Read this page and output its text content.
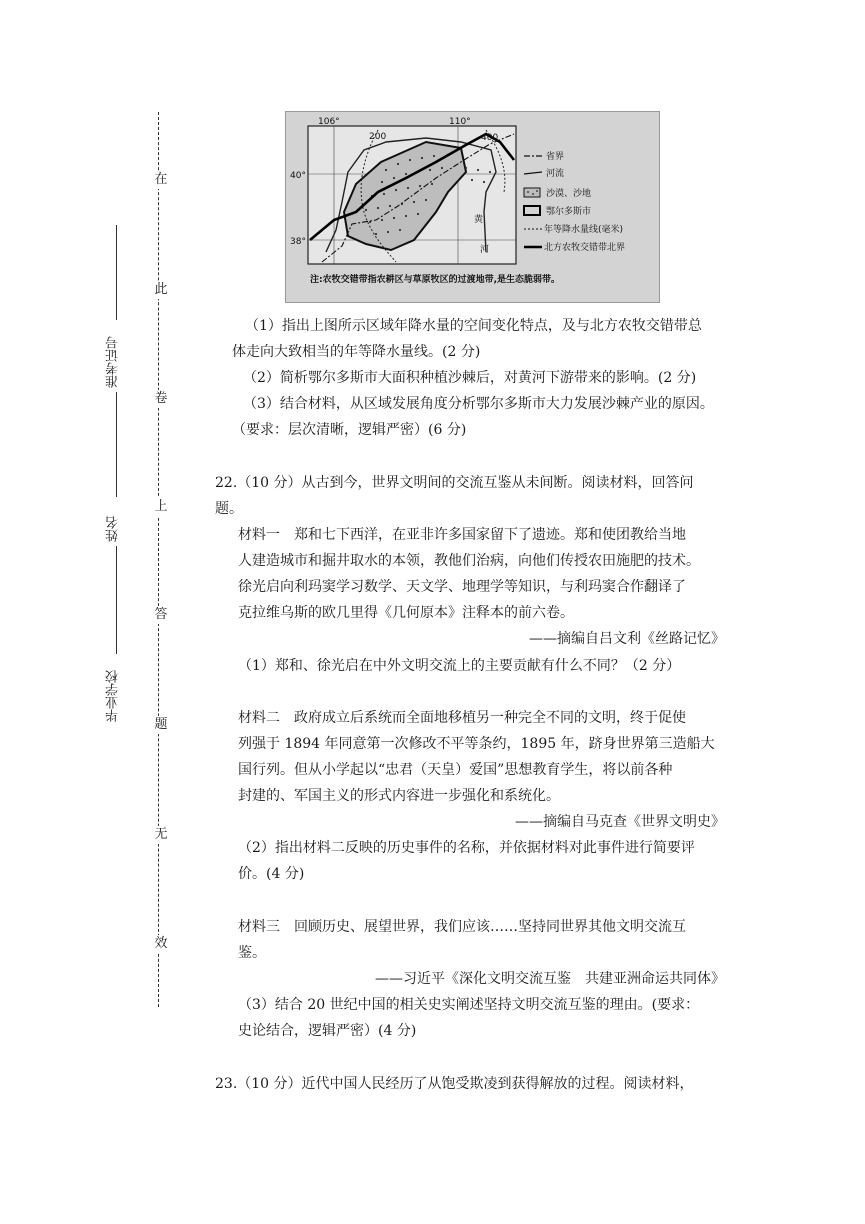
在
此
卷
上
答
题
无
效
准考证号
姓名
毕业学校
106°	110°
40°
38°
200	400
黄
河
省界
河流
沙漠、沙地
鄂尔多斯市
年等降水量线(毫米)
北方农牧交错带北界
注:农牧交错带指农耕区与草原牧区的过渡地带,是生态脆弱带。
（1）指出上图所示区域年降水量的空间变化特点，及与北方农牧交错带总
体走向大致相当的年等降水量线。(2 分)
（2）简析鄂尔多斯市大面积种植沙棘后，对黄河下游带来的影响。(2 分)
（3）结合材料，从区域发展角度分析鄂尔多斯市大力发展沙棘产业的原因。
（要求：层次清晰，逻辑严密）(6 分)
22.（10 分）从古到今，世界文明间的交流互鉴从未间断。阅读材料，回答问
题。
材料一　郑和七下西洋，在亚非许多国家留下了遗迹。郑和使团教给当地
人建造城市和掘井取水的本领，教他们治病，向他们传授农田施肥的技术。
徐光启向利玛窦学习数学、天文学、地理学等知识，与利玛窦合作翻译了
克拉维乌斯的欧几里得《几何原本》注释本的前六卷。
——摘编自吕文利《丝路记忆》
（1）郑和、徐光启在中外文明交流上的主要贡献有什么不同？（2 分）
材料二　政府成立后系统而全面地移植另一种完全不同的文明，终于促使
列强于 1894 年同意第一次修改不平等条约，1895 年，跻身世界第三造船大
国行列。但从小学起以“忠君（天皇）爱国”思想教育学生，将以前各种
封建的、军国主义的形式内容进一步强化和系统化。
——摘编自马克查《世界文明史》
（2）指出材料二反映的历史事件的名称，并依据材料对此事件进行简要评
价。(4 分)
材料三　回顾历史、展望世界，我们应该……坚持同世界其他文明交流互
鉴。
——习近平《深化文明交流互鉴　共建亚洲命运共同体》
（3）结合 20 世纪中国的相关史实阐述坚持文明交流互鉴的理由。(要求：
史论结合，逻辑严密）(4 分)
23.（10 分）近代中国人民经历了从饱受欺凌到获得解放的过程。阅读材料，
